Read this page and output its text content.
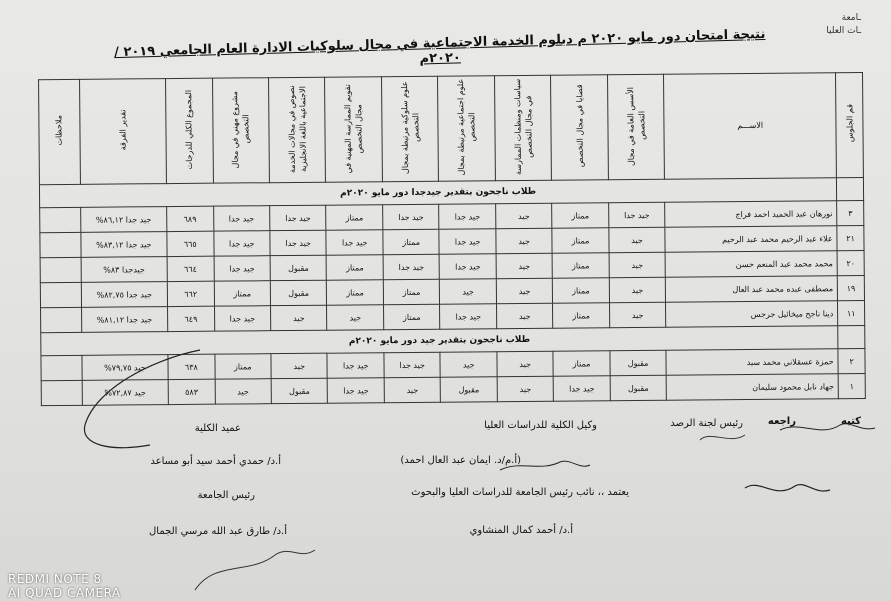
ـامعة
ـات العليا
نتيجة امتحان دور مايو ٢٠٢٠ م دبلوم الخدمة الاجتماعية في مجال سلوكيات الادارة العام الجامعي ٢٠١٩ / ٢٠٢٠م
قم الجلوس	الاســـم	الأسس العامة في مجال التخصص	قضايا في مجال التخصص	سياسات ومنظمات الممارسة في مجال التخصص	علوم اجتماعية مرتبطة بمجال التخصص	علوم سلوكية مرتبطة بمجال التخصص	تقويم الممارسة المهنية في مجال التخصص	نصوص في مجالات الخدمة الاجتماعية باللغة الانجليزية	مشروع مهني في مجال التخصص	المجموع الكلي للدرجات	تقدير الفرقة	ملاحظات
	طلاب ناجحون بتقدير جيدجدا دور مايو ٢٠٢٠م											
٣	نورهان عبد الحميد احمد فراج	جيد جدا	ممتاز	جيد	جيد جدا	جيد جدا	ممتاز	جيد جدا	جيد جدا	٦٨٩	جيد جدا ٨٦,١٢%	
٢١	علاء عبد الرحيم محمد عبد الرحيم	جيد	ممتاز	جيد	جيد جدا	ممتاز	جيد جدا	جيد جدا	جيد جدا	٦٦٥	جيد جدا ٨٣,١٢%	
٢٠	محمد محمد عبد المنعم حسن	جيد	ممتاز	جيد	جيد جدا	جيد جدا	ممتاز	مقبول	جيد جدا	٦٦٤	جيدجدا ٨٣%	
١٩	مصطفى عبده محمد عبد العال	جيد	ممتاز	جيد	جيد	ممتاز	ممتاز	مقبول	ممتاز	٦٦٢	جيد جدا ٨٢,٧٥%	
١١	دينا ناجح ميخائيل جرجس	جيد	ممتاز	جيد	جيد جدا	ممتاز	جيد	جيد	جيد جدا	٦٤٩	جيد جدا ٨١,١٢%	
	طلاب ناجحون بتقدير جيد دور مايو ٢٠٢٠م											
٢	حمزة عسقلاني محمد سيد	مقبول	ممتاز	جيد	جيد	جيد جدا	جيد جدا	جيد	ممتاز	٦٣٨	جيد ٧٩,٧٥%	
١	جهاد نابل محمود سليمان	مقبول	جيد جدا	جيد	مقبول	جيد	جيد جدا	مقبول	جيد	٥٨٣	جيد ٧٢,٨٧%	
كتبه
راجعه
رئيس لجنة الرصد
وكيل الكلية للدراسات العليا
(أ.م/د. ايمان عبد العال احمد)
عميد الكلية
أ.د/ حمدي أحمد سيد أبو مساعد
يعتمد ،، نائب رئيس الجامعة للدراسات العليا والبحوث
أ.د/ أحمد كمال المنشاوي
رئيس الجامعة
أ.د/ طارق عبد الله مرسي الجمال
REDMI NOTE 8
AI QUAD CAMERA
